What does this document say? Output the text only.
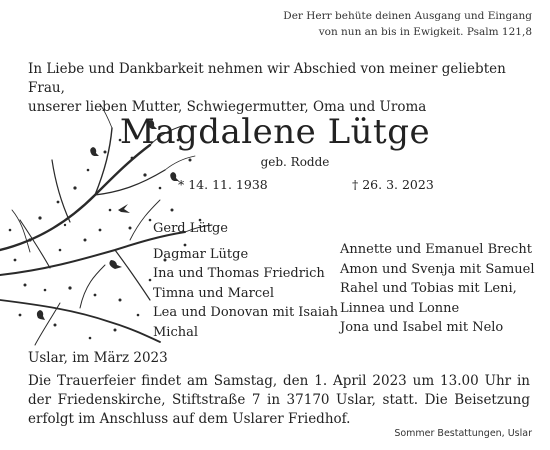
Der Herr behüte deinen Ausgang und Eingang
von nun an bis in Ewigkeit. Psalm 121,8
In Liebe und Dankbarkeit nehmen wir Abschied von meiner geliebten Frau,
unserer lieben Mutter, Schwiegermutter, Oma und Uroma
Magdalene Lütge
geb. Rodde
* 14. 11. 1938	† 26. 3. 2023
Gerd Lütge
Dagmar Lütge
Ina und Thomas Friedrich
Timna und Marcel
Lea und Donovan mit Isaiah
Michal
Annette und Emanuel Brecht
Amon und Svenja mit Samuel
Rahel und Tobias mit Leni,
Linnea und Lonne
Jona und Isabel mit Nelo
Uslar, im März 2023
Die Trauerfeier findet am Samstag, den 1. April 2023 um 13.00 Uhr in der Friedenskirche, Stiftstraße 7 in 37170 Uslar, statt. Die Beisetzung erfolgt im Anschluss auf dem Uslarer Friedhof.
Sommer Bestattungen, Uslar
